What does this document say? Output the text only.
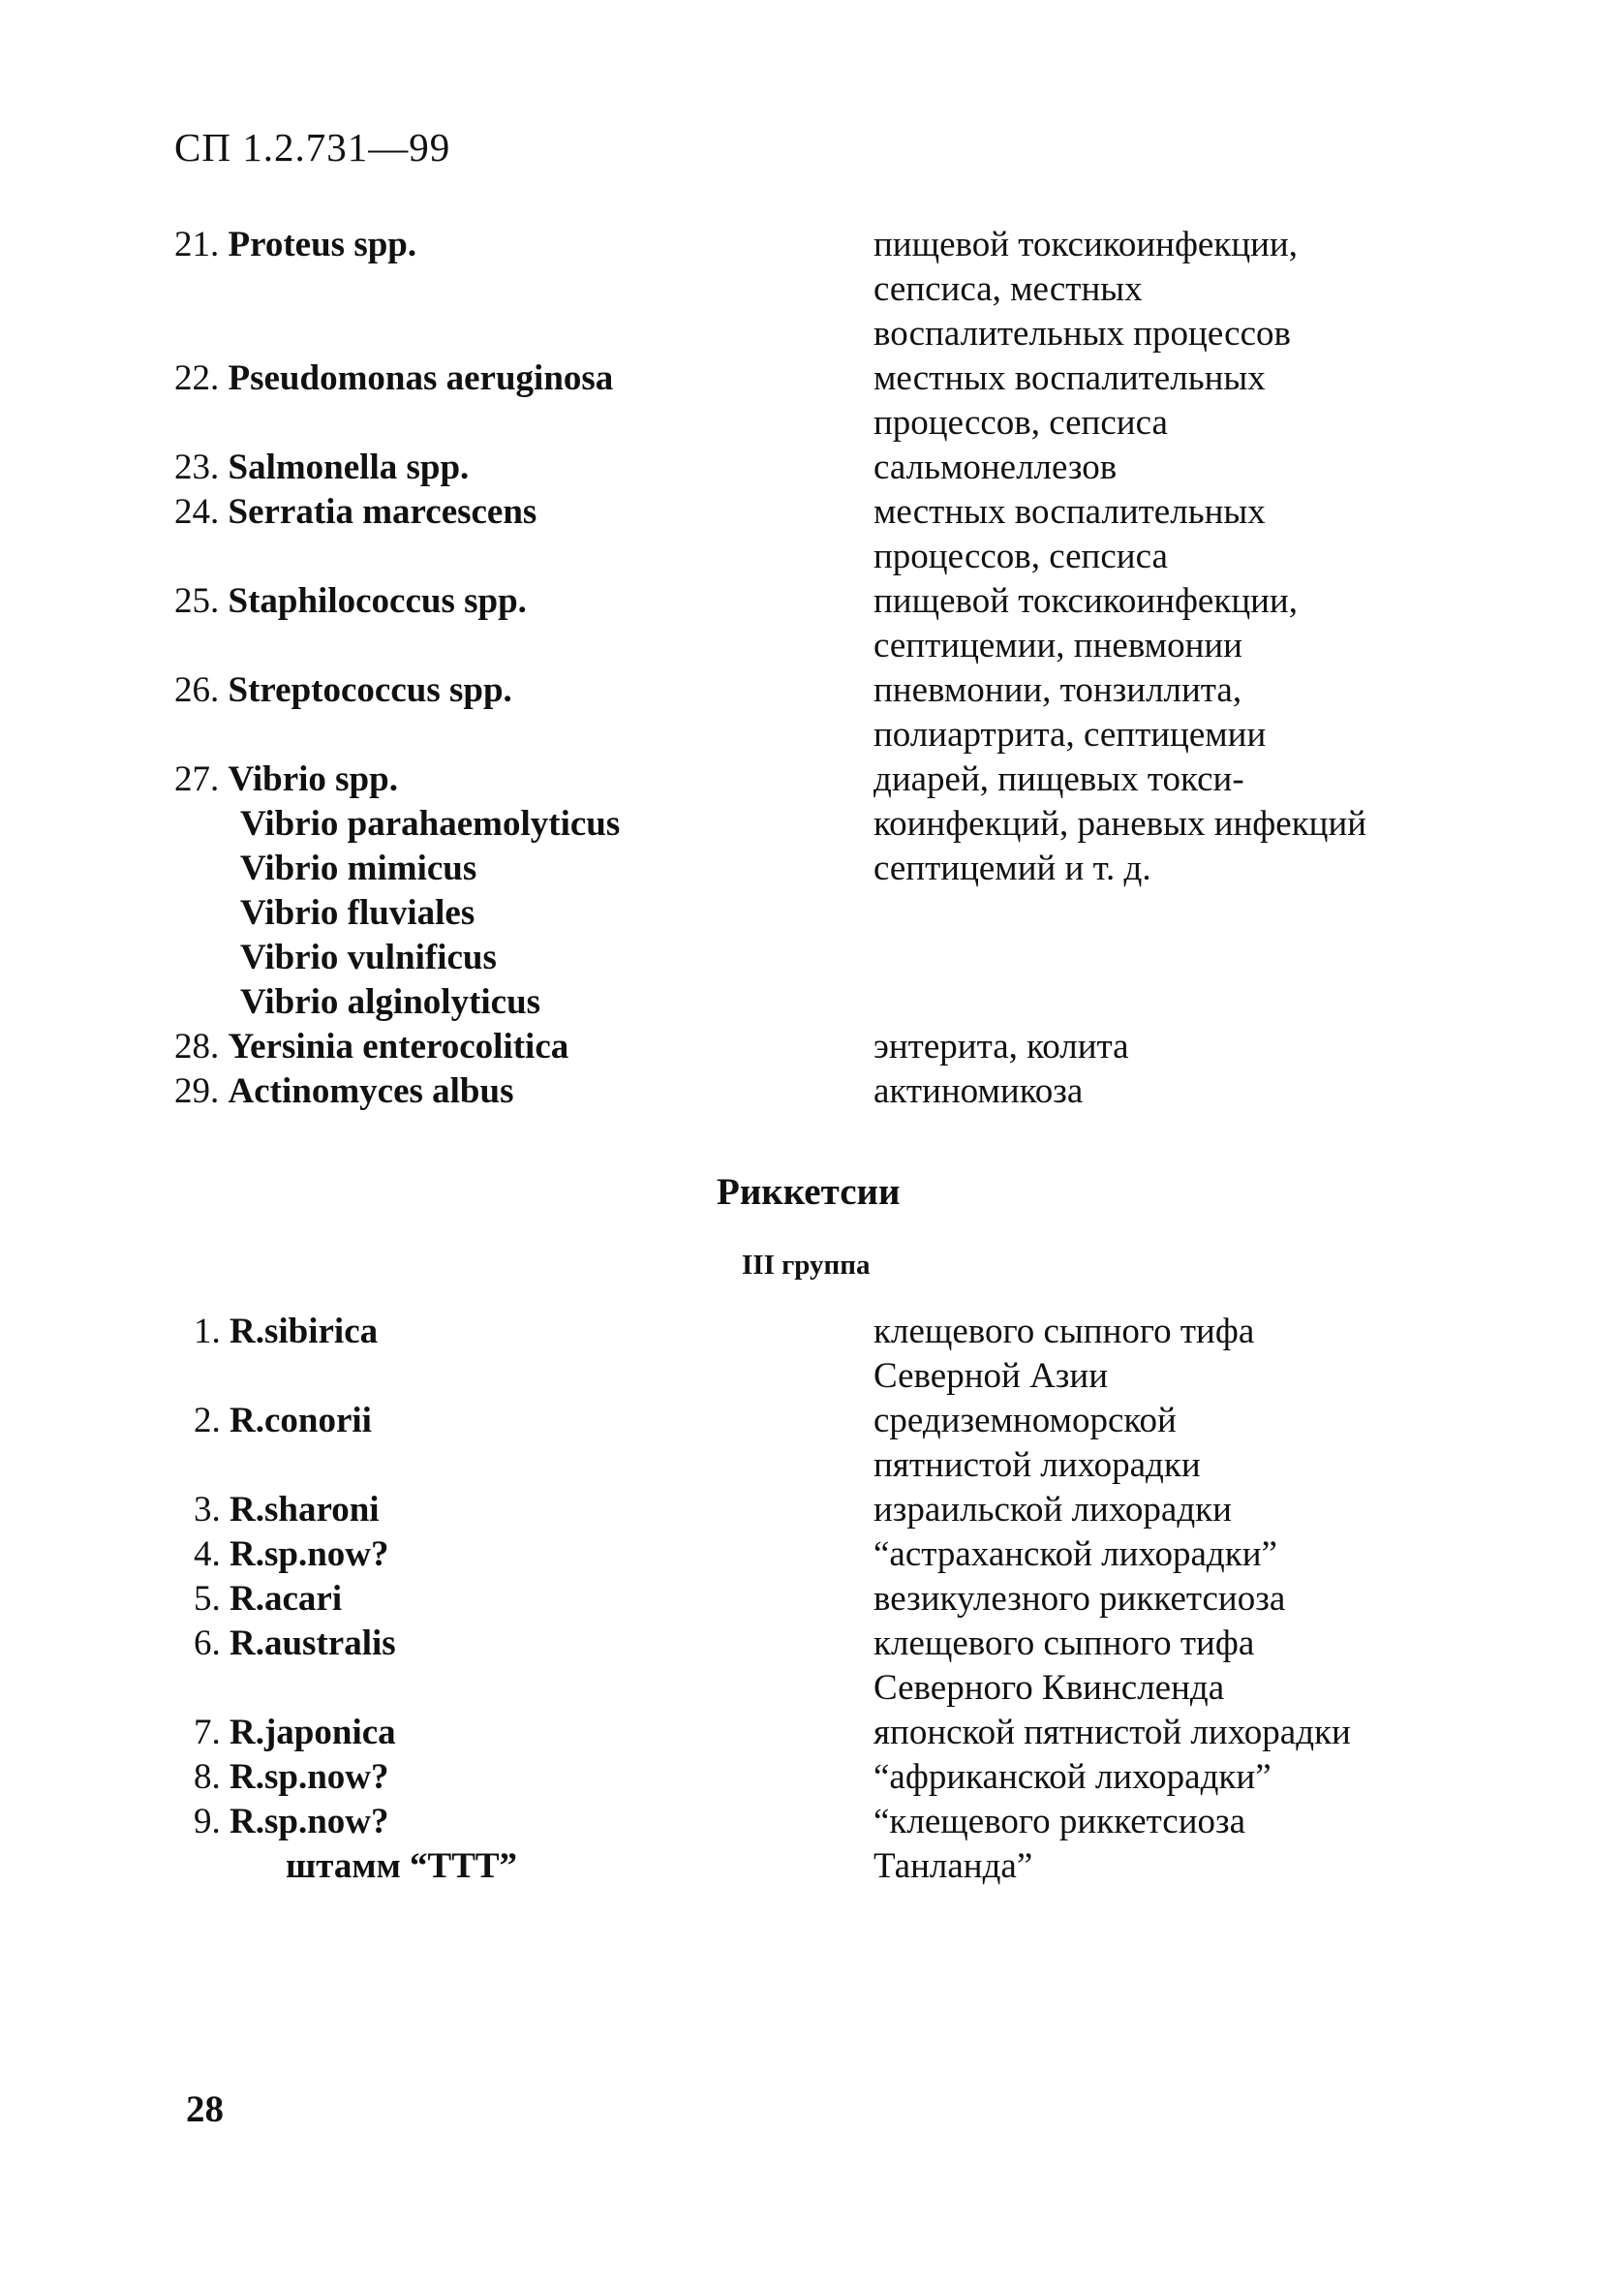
СП 1.2.731—99
21. Proteus spp.

22. Pseudomonas aeruginosa

23. Salmonella spp.
24. Serratia marcescens

25. Staphilococcus spp.

26. Streptococcus spp.

27. Vibrio spp.
Vibrio parahaemolyticus
Vibrio mimicus
Vibrio fluviales
Vibrio vulnificus
Vibrio alginolyticus
28. Yersinia enterocolitica
29. Actinomyces albus
пищевой токсикоинфекции,
сепсиса, местных
воспалительных процессов
местных воспалительных
процессов, сепсиса
сальмонеллезов
местных воспалительных
процессов, сепсиса
пищевой токсикоинфекции,
септицемии, пневмонии
пневмонии, тонзиллита,
полиартрита, септицемии
диарей, пищевых токси-
коинфекций, раневых инфекций
септицемий и т. д.

энтерита, колита
актиномикоза
Риккетсии
III группа
1. R.sibirica

2. R.conorii

3. R.sharoni
4. R.sp.now?
5. R.acari
6. R.australis

7. R.japonica
8. R.sp.now?
9. R.sp.now?
штамм “ТТТ”
клещевого сыпного тифа
Северной Азии
средиземноморской
пятнистой лихорадки
израильской лихорадки
“астраханской лихорадки”
везикулезного риккетсиоза
клещевого сыпного тифа
Северного Квинсленда
японской пятнистой лихорадки
“африканской лихорадки”
“клещевого риккетсиоза
Танланда”
28
